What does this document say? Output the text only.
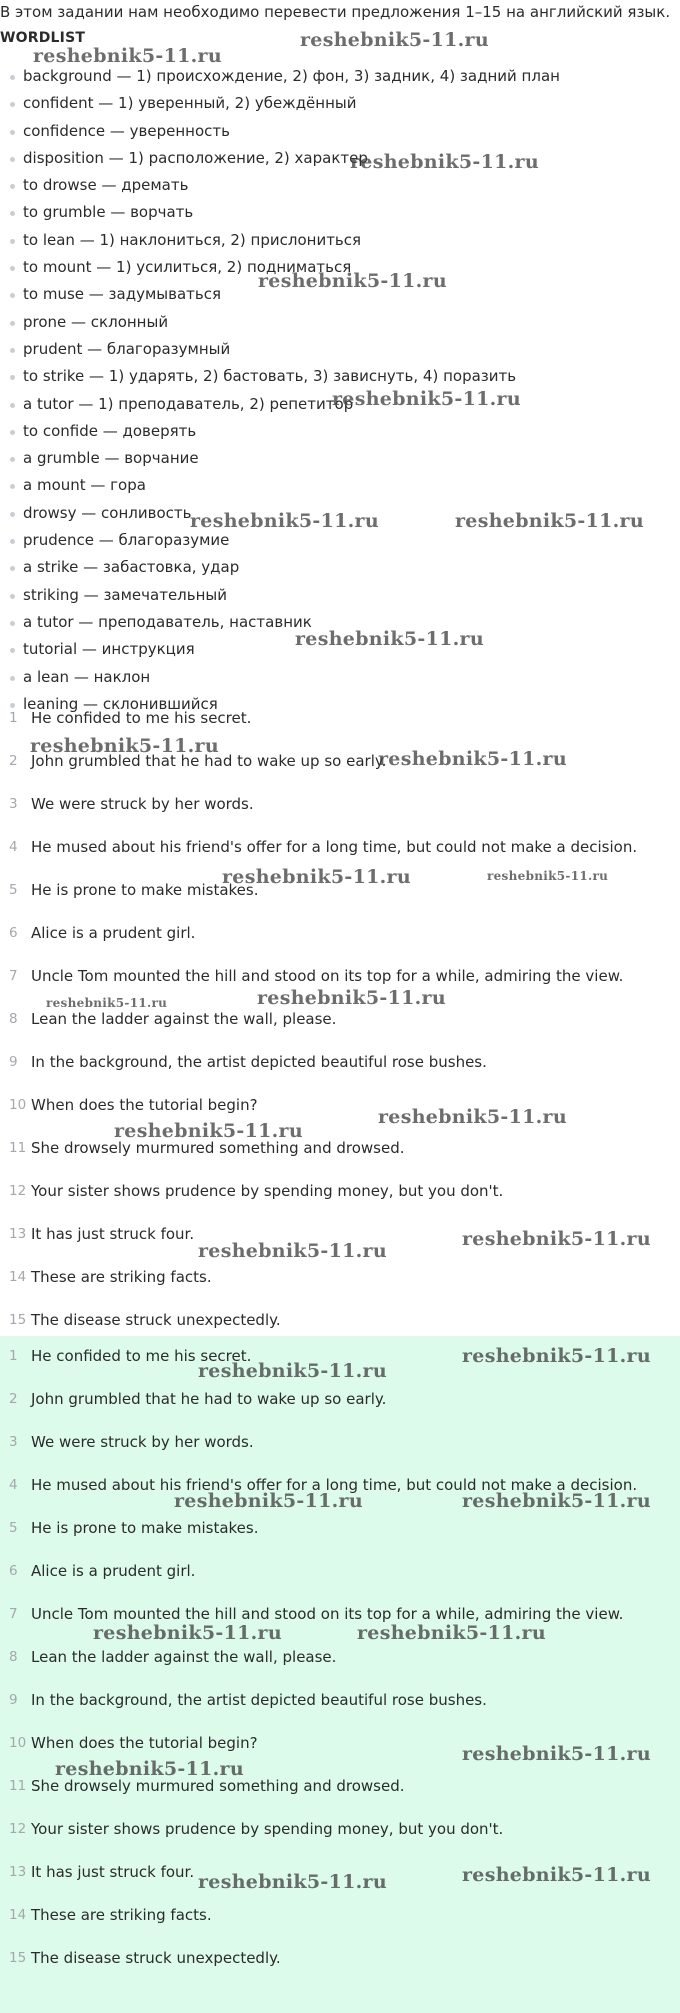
В этом задании нам необходимо перевести предложения 1–15 на английский язык.
WORDLIST
background — 1) происхождение, 2) фон, 3) задник, 4) задний план
confident — 1) уверенный, 2) убеждённый
confidence — уверенность
disposition — 1) расположение, 2) характер
to drowse — дремать
to grumble — ворчать
to lean — 1) наклониться, 2) прислониться
to mount — 1) усилиться, 2) подниматься
to muse — задумываться
prone — склонный
prudent — благоразумный
to strike — 1) ударять, 2) бастовать, 3) зависнуть, 4) поразить
a tutor — 1) преподаватель, 2) репетитор
to confide — доверять
a grumble — ворчание
a mount — гора
drowsy — сонливость
prudence — благоразумие
a strike — забастовка, удар
striking — замечательный
a tutor — преподаватель, наставник
tutorial — инструкция
a lean — наклон
leaning — склонившийся
1 He confided to me his secret.
2 John grumbled that he had to wake up so early.
3 We were struck by her words.
4 He mused about his friend's offer for a long time, but could not make a decision.
5 He is prone to make mistakes.
6 Alice is a prudent girl.
7 Uncle Tom mounted the hill and stood on its top for a while, admiring the view.
8 Lean the ladder against the wall, please.
9 In the background, the artist depicted beautiful rose bushes.
10 When does the tutorial begin?
11 She drowsely murmured something and drowsed.
12 Your sister shows prudence by spending money, but you don't.
13 It has just struck four.
14 These are striking facts.
15 The disease struck unexpectedly.
1 He confided to me his secret.
2 John grumbled that he had to wake up so early.
3 We were struck by her words.
4 He mused about his friend's offer for a long time, but could not make a decision.
5 He is prone to make mistakes.
6 Alice is a prudent girl.
7 Uncle Tom mounted the hill and stood on its top for a while, admiring the view.
8 Lean the ladder against the wall, please.
9 In the background, the artist depicted beautiful rose bushes.
10 When does the tutorial begin?
11 She drowsely murmured something and drowsed.
12 Your sister shows prudence by spending money, but you don't.
13 It has just struck four.
14 These are striking facts.
15 The disease struck unexpectedly.
reshebnik5-11.ru
reshebnik5-11.ru
reshebnik5-11.ru
reshebnik5-11.ru
reshebnik5-11.ru
reshebnik5-11.ru	reshebnik5-11.ru
reshebnik5-11.ru
reshebnik5-11.ru
reshebnik5-11.ru
reshebnik5-11.ru	reshebnik5-11.ru
reshebnik5-11.ru	reshebnik5-11.ru
reshebnik5-11.ru
reshebnik5-11.ru
reshebnik5-11.ru
reshebnik5-11.ru
reshebnik5-11.ru
reshebnik5-11.ru
reshebnik5-11.ru	reshebnik5-11.ru
reshebnik5-11.ru	reshebnik5-11.ru
reshebnik5-11.ru
reshebnik5-11.ru
reshebnik5-11.ru
reshebnik5-11.ru
